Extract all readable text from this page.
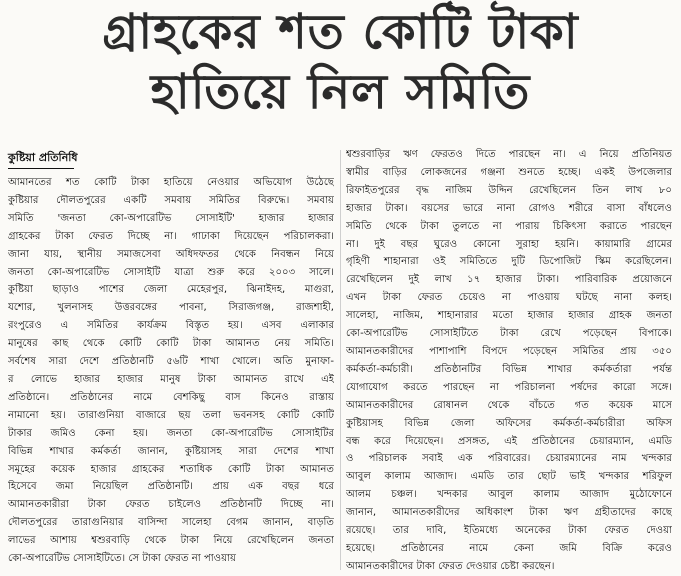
গ্রাহকের শত কোটি টাকা
হাতিয়ে নিল সমিতি
কুষ্টিয়া প্রতিনিধি
আমানতের শত কোটি টাকা হাতিয়ে নেওয়ার অভিযোগ উঠেছে
কুষ্টিয়ার দৌলতপুরের একটি সমবায় সমিতির বিরুদ্ধে। সমবায়
সমিতি 'জনতা কো-অপারেটিভ সোসাইটি' হাজার হাজার
গ্রাহকের টাকা ফেরত দিচ্ছে না। গাঢাকা দিয়েছেন পরিচালকরা।
জানা যায়, স্থানীয় সমাজসেবা অধিদফতর থেকে নিবন্ধন নিয়ে
জনতা কো-অপারেটিভ সোসাইটি যাত্রা শুরু করে ২০০৩ সালে।
কুষ্টিয়া ছাড়াও পাশের জেলা মেহেরপুর, ঝিনাইদহ, মাগুরা,
যশোর, খুলনাসহ উত্তরবঙ্গের পাবনা, সিরাজগঞ্জ, রাজশাহী,
রংপুরেও এ সমিতির কার্যক্রম বিস্তৃত হয়। এসব এলাকার
মানুষের কাছ থেকে কোটি কোটি টাকা আমানত নেয় সমিতি।
সর্বশেষ সারা দেশে প্রতিষ্ঠানটি ৫৬টি শাখা খোলে। অতি মুনাফা-
র লোভে হাজার হাজার মানুষ টাকা আমানত রাখে এই
প্রতিষ্ঠানে। প্রতিষ্ঠানের নামে বেশকিছু বাস কিনেও রাস্তায়
নামানো হয়। তারাগুনিয়া বাজারে ছয় তলা ভবনসহ কোটি কোটি
টাকার জমিও কেনা হয়। জনতা কো-অপারেটিভ সোসাইটির
বিভিন্ন শাখার কর্মকর্তা জানান, কুষ্টিয়াসহ সারা দেশের শাখা
সমূহের কয়েক হাজার গ্রাহকের শতাধিক কোটি টাকা আমানত
হিসেবে জমা নিয়েছিল প্রতিষ্ঠানটি। প্রায় এক বছর ধরে
আমানতকারীরা টাকা ফেরত চাইলেও প্রতিষ্ঠানটি দিচ্ছে না।
দৌলতপুরের তারাগুনিয়ার বাসিন্দা সালেহা বেগম জানান, বাড়তি
লাভের আশায় শ্বশুরবাড়ি থেকে টাকা নিয়ে রেখেছিলেন জনতা
কো-অপারেটিভ সোসাইটিতে। সে টাকা ফেরত না পাওয়ায়
শ্বশুরবাড়ির ঋণ ফেরতও দিতে পারছেন না। এ নিয়ে প্রতিনিয়ত
স্বামীর বাড়ির লোকজনের গঞ্জনা শুনতে হচ্ছে। একই উপজেলার
রিফাইতপুরের বৃদ্ধ নাজিম উদ্দিন রেখেছিলেন তিন লাখ ৮০
হাজার টাকা। বয়সের ভারে নানা রোগও শরীরে বাসা বাঁধলেও
সমিতি থেকে টাকা তুলতে না পারায় চিকিৎসা করাতে পারছেন
না। দুই বছর ঘুরেও কোনো সুরাহা হয়নি। কায়ামারি গ্রামের
গৃহিণী শাহানারা ওই সমিতিতে দুটি ডিপোজিট স্কিম করেছিলেন।
রেখেছিলেন দুই লাখ ১৭ হাজার টাকা। পারিবারিক প্রয়োজনে
এখন টাকা ফেরত চেয়েও না পাওয়ায় ঘটছে নানা কলহ।
সালেহা, নাজিম, শাহানারার মতো হাজার হাজার গ্রাহক জনতা
কো-অপারেটিভ সোসাইটিতে টাকা রেখে পড়েছেন বিপাকে।
আমানতকারীদের পাশাপাশি বিপদে পড়েছেন সমিতির প্রায় ৩৫০
কর্মকর্তা-কর্মচারী। প্রতিষ্ঠানটির বিভিন্ন শাখার কর্মকর্তারা পর্যন্ত
যোগাযোগ করতে পারছেন না পরিচালনা পর্ষদের কারো সঙ্গে।
আমানতকারীদের রোষানল থেকে বাঁচতে গত কয়েক মাসে
কুষ্টিয়াসহ বিভিন্ন জেলা অফিসের কর্মকর্তা-কর্মচারীরা অফিস
বন্ধ করে দিয়েছেন। প্রসঙ্গত, এই প্রতিষ্ঠানের চেয়ারম্যান, এমডি
ও পরিচালক সবাই এক পরিবারের। চেয়ারম্যানের নাম খন্দকার
আবুল কালাম আজাদ। এমডি তার ছোট ভাই খন্দকার শরিফুল
আলম চঞ্চল। খন্দকার আবুল কালাম আজাদ মুঠোফোনে
জানান, আমানতকারীদের অধিকাংশ টাকা ঋণ গ্রহীতাদের কাছে
রয়েছে। তার দাবি, ইতিমধ্যে অনেকের টাকা ফেরত দেওয়া
হয়েছে। প্রতিষ্ঠানের নামে কেনা জমি বিক্রি করেও
আমানতকারীদের টাকা ফেরত দেওয়ার চেষ্টা করছেন।
